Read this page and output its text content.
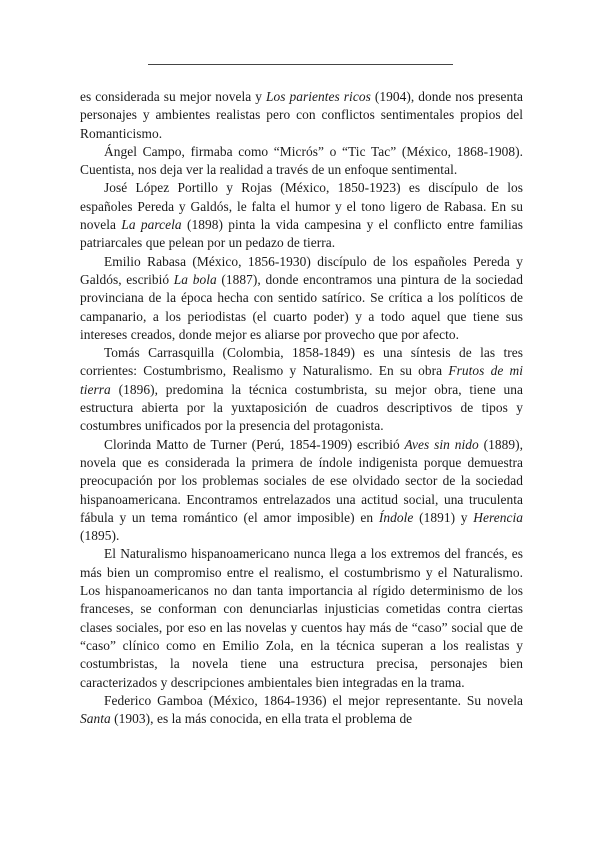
es considerada su mejor novela y Los parientes ricos (1904), donde nos presenta personajes y ambientes realistas pero con conflictos sentimentales propios del Romanticismo.

Ángel Campo, firmaba como “Micrós” o “Tic Tac” (México, 1868-1908). Cuentista, nos deja ver la realidad a través de un enfoque sentimental.

José López Portillo y Rojas (México, 1850-1923) es discípulo de los españoles Pereda y Galdós, le falta el humor y el tono ligero de Rabasa. En su novela La parcela (1898) pinta la vida campesina y el conflicto entre familias patriarcales que pelean por un pedazo de tierra.

Emilio Rabasa (México, 1856-1930) discípulo de los españoles Pereda y Galdós, escribió La bola (1887), donde encontramos una pintura de la sociedad provinciana de la época hecha con sentido satírico. Se crítica a los políticos de campanario, a los periodistas (el cuarto poder) y a todo aquel que tiene sus intereses creados, donde mejor es aliarse por provecho que por afecto.

Tomás Carrasquilla (Colombia, 1858-1849) es una síntesis de las tres corrientes: Costumbrismo, Realismo y Naturalismo. En su obra Frutos de mi tierra (1896), predomina la técnica costumbrista, su mejor obra, tiene una estructura abierta por la yuxtaposición de cuadros descriptivos de tipos y costumbres unificados por la presencia del protagonista.

Clorinda Matto de Turner (Perú, 1854-1909) escribió Aves sin nido (1889), novela que es considerada la primera de índole indigenista porque demuestra preocupación por los problemas sociales de ese olvidado sector de la sociedad hispanoamericana. Encontramos entrelazados una actitud social, una truculenta fábula y un tema romántico (el amor imposible) en Índole (1891) y Herencia (1895).

El Naturalismo hispanoamericano nunca llega a los extremos del francés, es más bien un compromiso entre el realismo, el costumbrismo y el Naturalismo. Los hispanoamericanos no dan tanta importancia al rígido determinismo de los franceses, se conforman con denunciarlas injusticias cometidas contra ciertas clases sociales, por eso en las novelas y cuentos hay más de “caso” social que de “caso” clínico como en Emilio Zola, en la técnica superan a los realistas y costumbristas, la novela tiene una estructura precisa, personajes bien caracterizados y descripciones ambientales bien integradas en la trama.

Federico Gamboa (México, 1864-1936) el mejor representante. Su novela Santa (1903), es la más conocida, en ella trata el problema de
